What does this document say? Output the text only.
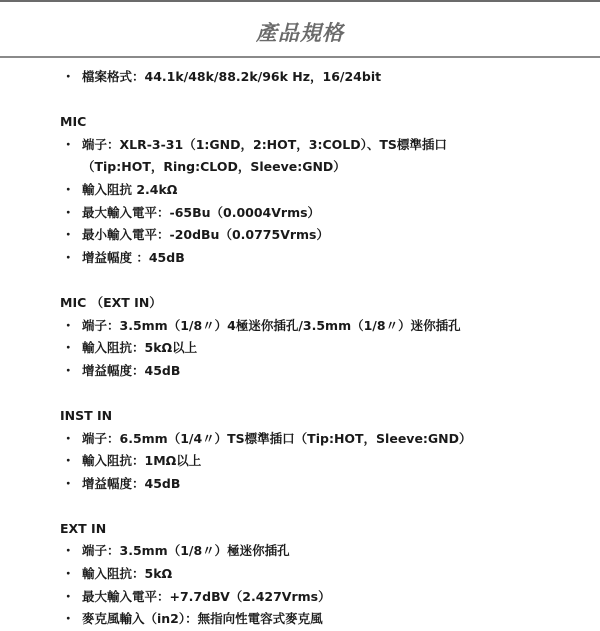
產品規格
・ 檔案格式：44.1k/48k/88.2k/96k Hz，16/24bit
MIC
・ 端子：XLR-3-31（1:GND，2:HOT，3:COLD）、TS標準插口
（Tip:HOT，Ring:CLOD，Sleeve:GND）
・ 輸入阻抗 2.4kΩ
・ 最大輸入電平：-65Bu（0.0004Vrms）
・ 最小輸入電平：-20dBu（0.0775Vrms）
・ 增益幅度 ：45dB
MIC （EXT IN）
・ 端子：3.5mm（1/8〃）4極迷你插孔/3.5mm（1/8〃）迷你插孔
・ 輸入阻抗：5kΩ以上
・ 增益幅度：45dB
INST IN
・ 端子：6.5mm（1/4〃）TS標準插口（Tip:HOT，Sleeve:GND）
・ 輸入阻抗：1MΩ以上
・ 增益幅度：45dB
EXT IN
・ 端子：3.5mm（1/8〃）極迷你插孔
・ 輸入阻抗：5kΩ
・ 最大輸入電平：+7.7dBV（2.427Vrms）
・ 麥克風輸入（in2）：無指向性電容式麥克風
